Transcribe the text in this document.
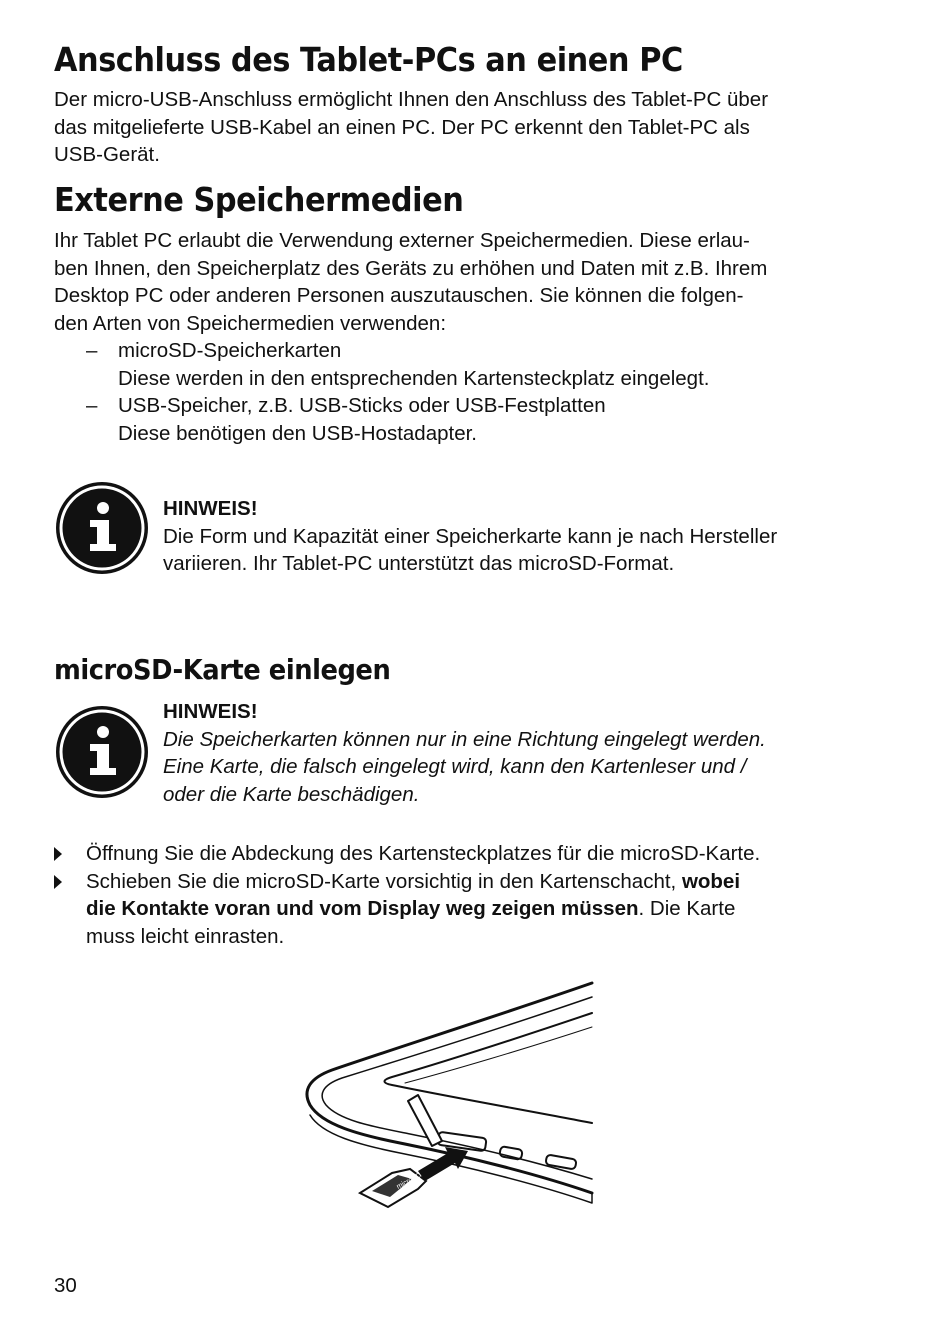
Anschluss des Tablet-PCs an einen PC

Der micro-USB-Anschluss ermöglicht Ihnen den Anschluss des Tablet-PC über

das mitgelieferte USB-Kabel an einen PC. Der PC erkennt den Tablet-PC als

USB-Gerät.

Externe Speichermedien

Ihr Tablet PC erlaubt die Verwendung externer Speichermedien. Diese erlau-

ben Ihnen, den Speicherplatz des Geräts zu erhöhen und Daten mit z.B. Ihrem

Desktop PC oder anderen Personen auszutauschen. Sie können die folgen-

den Arten von Speichermedien verwenden:

– microSD-Speicherkarten

Diese werden in den entsprechenden Kartensteckplatz eingelegt.

– USB-Speicher, z.B. USB-Sticks oder USB-Festplatten

Diese benötigen den USB-Hostadapter.

HINWEIS!

Die Form und Kapazität einer Speicherkarte kann je nach Hersteller

variieren. Ihr Tablet-PC unterstützt das microSD-Format.

microSD-Karte einlegen
HINWEIS!

Die Speicherkarten können nur in eine Richtung eingelegt werden.

Eine Karte, die falsch eingelegt wird, kann den Kartenleser und /

oder die Karte beschädigen.

Öffnung Sie die Abdeckung des Kartensteckplatzes für die microSD-Karte.

Schieben Sie die microSD-Karte vorsichtig in den Kartenschacht, wobei

die Kontakte voran und vom Display weg zeigen müssen. Die Karte

muss leicht einrasten.

microSD
30
